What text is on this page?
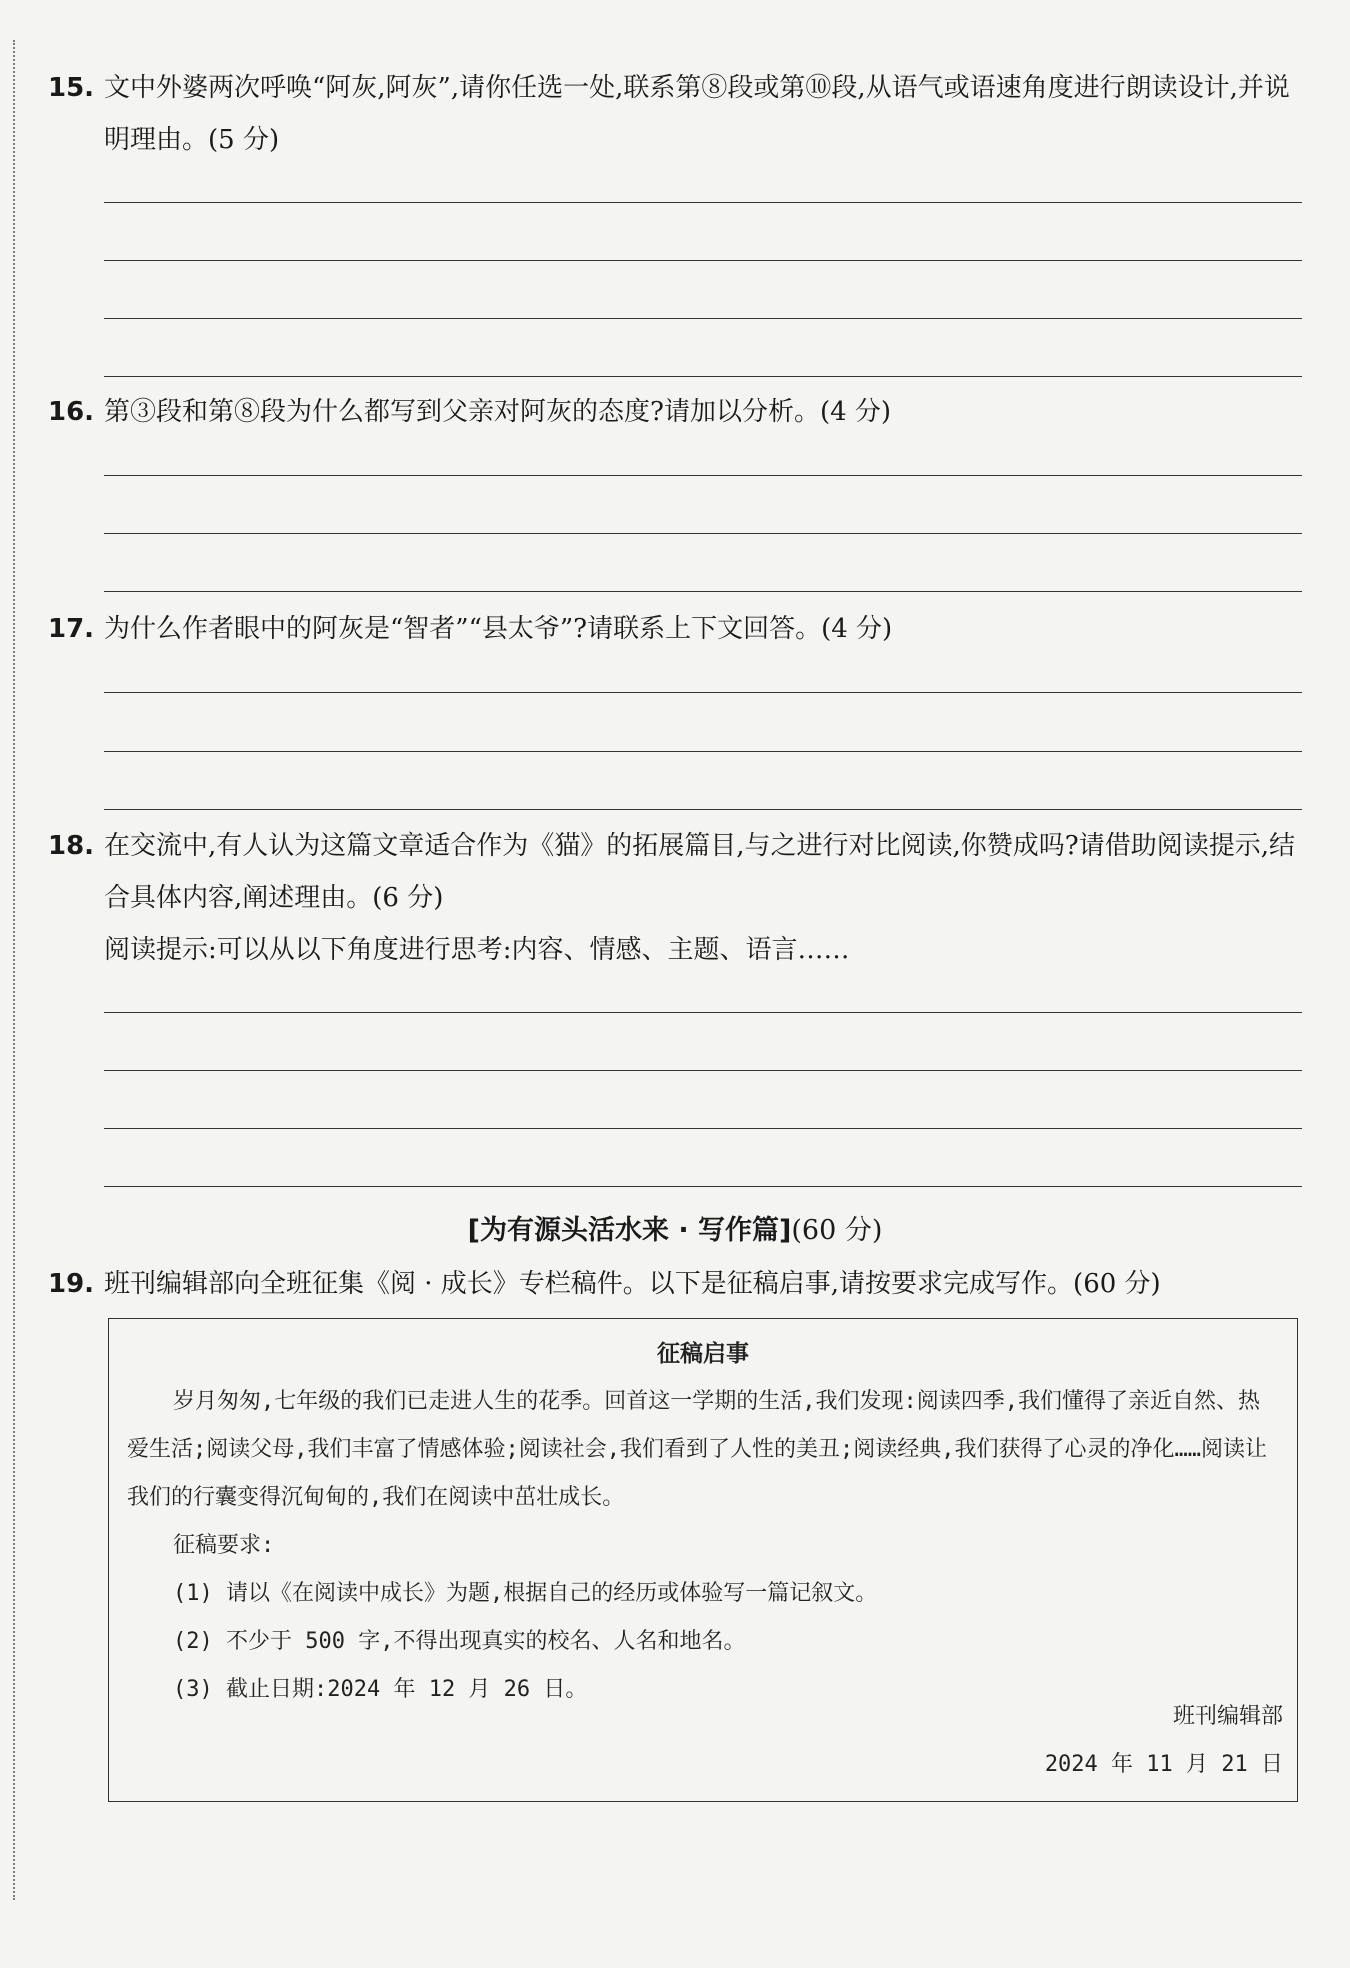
15. 文中外婆两次呼唤“阿灰,阿灰”,请你任选一处,联系第⑧段或第⑩段,从语气或语速角度进行朗读设计,并说明理由。(5 分)
16. 第③段和第⑧段为什么都写到父亲对阿灰的态度?请加以分析。(4 分)
17. 为什么作者眼中的阿灰是“智者”“县太爷”?请联系上下文回答。(4 分)
18. 在交流中,有人认为这篇文章适合作为《猫》的拓展篇目,与之进行对比阅读,你赞成吗?请借助阅读提示,结合具体内容,阐述理由。(6 分)
阅读提示:可以从以下角度进行思考:内容、情感、主题、语言……
[为有源头活水来 · 写作篇](60 分)
19. 班刊编辑部向全班征集《阅 · 成长》专栏稿件。以下是征稿启事,请按要求完成写作。(60 分)
征稿启事
岁月匆匆,七年级的我们已走进人生的花季。回首这一学期的生活,我们发现:阅读四季,我们懂得了亲近自然、热爱生活;阅读父母,我们丰富了情感体验;阅读社会,我们看到了人性的美丑;阅读经典,我们获得了心灵的净化……阅读让我们的行囊变得沉甸甸的,我们在阅读中茁壮成长。
征稿要求:
(1) 请以《在阅读中成长》为题,根据自己的经历或体验写一篇记叙文。
(2) 不少于 500 字,不得出现真实的校名、人名和地名。
(3) 截止日期:2024 年 12 月 26 日。
班刊编辑部
2024 年 11 月 21 日
